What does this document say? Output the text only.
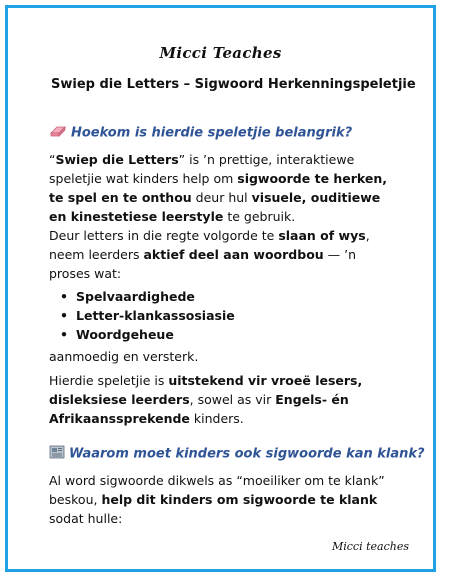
Micci Teaches
Swiep die Letters – Sigwoord Herkenningspeletjie
Hoekom is hierdie speletjie belangrik?
“Swiep die Letters” is ’n prettige, interaktiewe speletjie wat kinders help om sigwoorde te herken, te spel en te onthou deur hul visuele, ouditiewe en kinestetiese leerstyle te gebruik.
Deur letters in die regte volgorde te slaan of wys, neem leerders aktief deel aan woordbou — ’n proses wat:
• Spelvaardighede
• Letter-klankassosiasie
• Woordgeheue
aanmoedig en versterk.
Hierdie speletjie is uitstekend vir vroeë lesers, disleksiese leerders, sowel as vir Engels- én Afrikaanssprekende kinders.
Waarom moet kinders ook sigwoorde kan klank?
Al word sigwoorde dikwels as “moeiliker om te klank” beskou, help dit kinders om sigwoorde te klank sodat hulle:
Micci teaches
